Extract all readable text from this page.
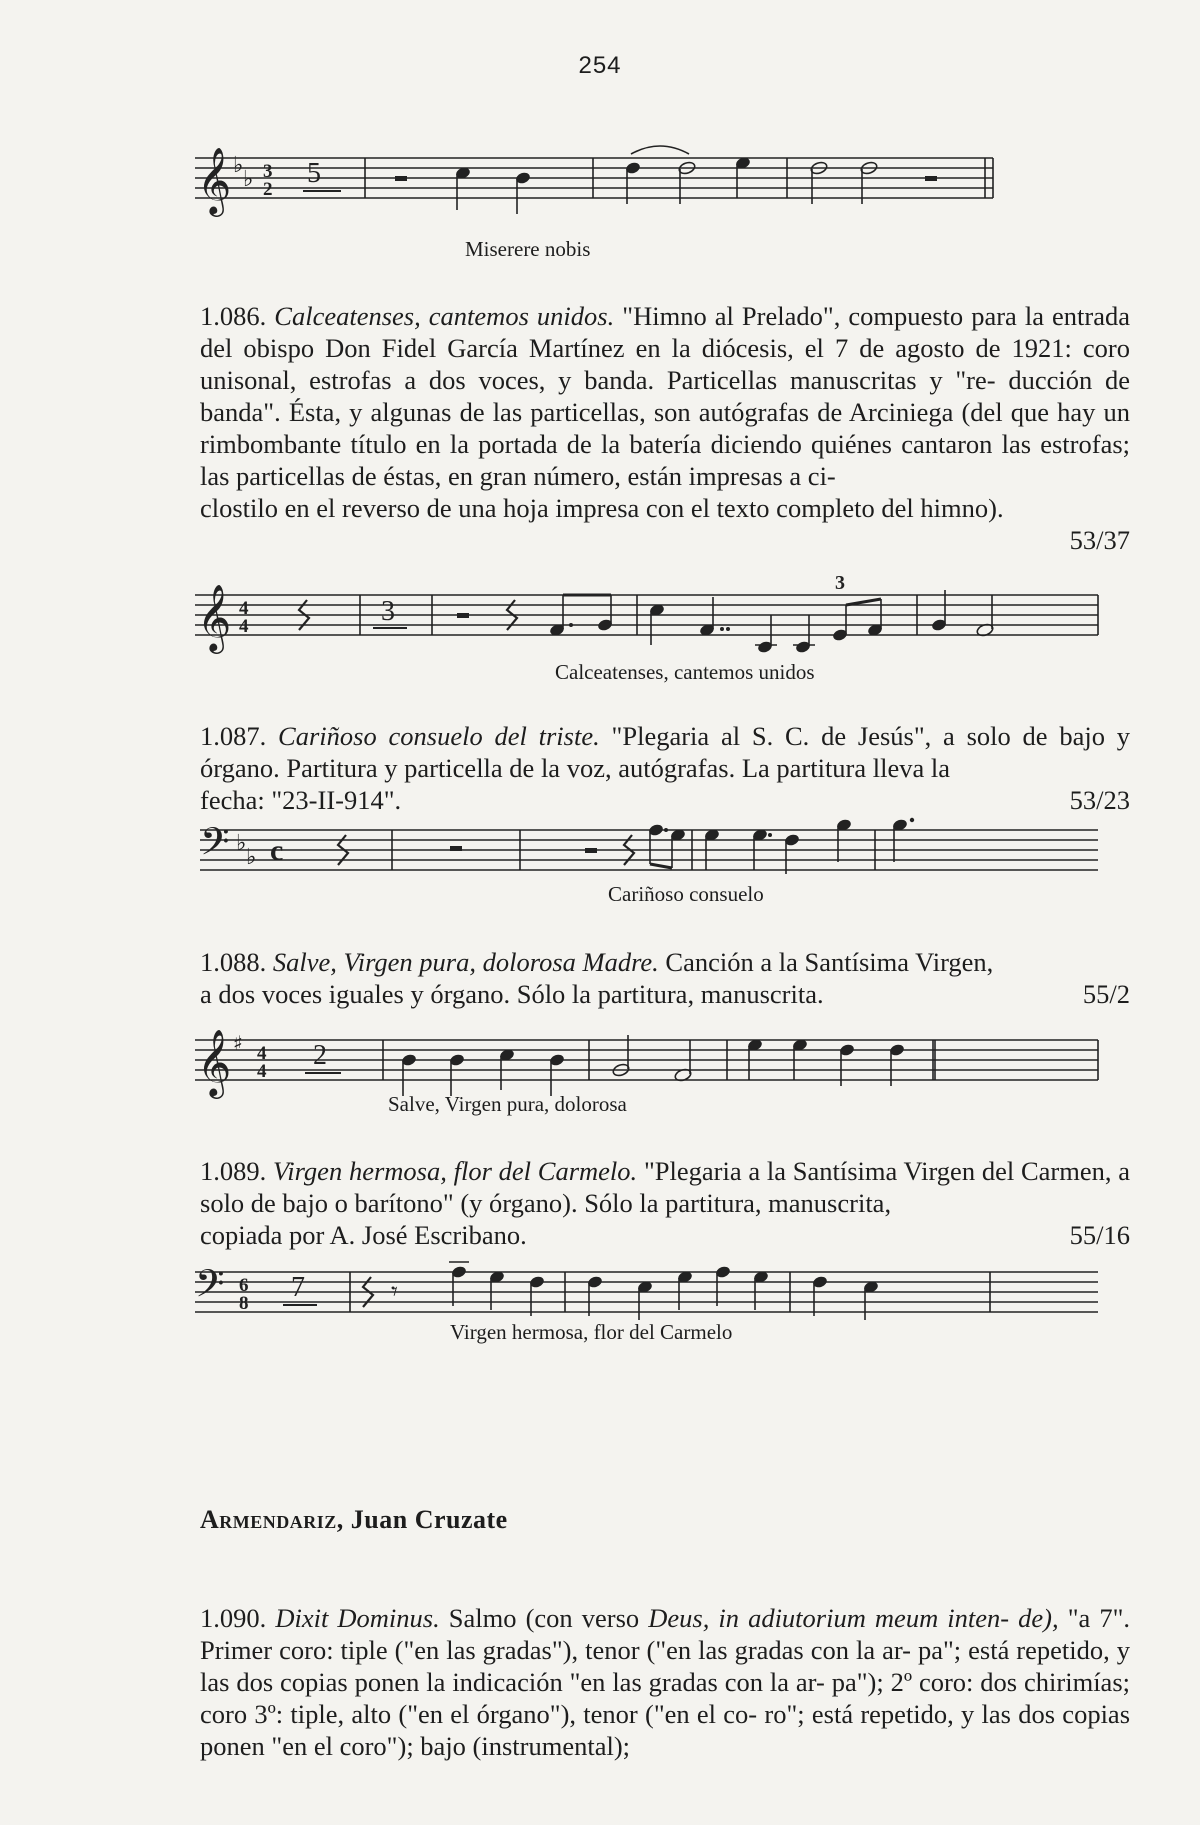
254
𝄞 ♭
♭ 3
2
5
Miserere nobis
1.086. Calceatenses, cantemos unidos. "Himno al Prelado", compuesto para la entrada del obispo Don Fidel García Martínez en la diócesis, el 7 de agosto de 1921: coro unisonal, estrofas a dos voces, y banda. Particellas manuscritas y "re- ducción de banda". Ésta, y algunas de las particellas, son autógrafas de Arciniega (del que hay un rimbombante título en la portada de la batería diciendo quiénes cantaron las estrofas; las particellas de éstas, en gran número, están impresas a ci-
clostilo en el reverso de una hoja impresa con el texto completo del himno).
53/37
𝄞 4
4	3
3
Calceatenses, cantemos unidos
1.087. Cariñoso consuelo del triste. "Plegaria al S. C. de Jesús", a solo de bajo y órgano. Partitura y particella de la voz, autógrafas. La partitura lleva la
fecha: "23-II-914".	53/23
𝄢 ♭
♭ c
Cariñoso consuelo
1.088. Salve, Virgen pura, dolorosa Madre. Canción a la Santísima Virgen,
a dos voces iguales y órgano. Sólo la partitura, manuscrita.	55/2
𝄞 ♯ 4
4
2
Salve, Virgen pura, dolorosa
1.089. Virgen hermosa, flor del Carmelo. "Plegaria a la Santísima Virgen del Carmen, a solo de bajo o barítono" (y órgano). Sólo la partitura, manuscrita,
copiada por A. José Escribano.	55/16
𝄢 6
8
7	𝄾
Virgen hermosa, flor del Carmelo
Armendariz, Juan Cruzate
1.090. Dixit Dominus. Salmo (con verso Deus, in adiutorium meum inten- de), "a 7". Primer coro: tiple ("en las gradas"), tenor ("en las gradas con la ar- pa"; está repetido, y las dos copias ponen la indicación "en las gradas con la ar- pa"); 2º coro: dos chirimías; coro 3º: tiple, alto ("en el órgano"), tenor ("en el co- ro"; está repetido, y las dos copias ponen "en el coro"); bajo (instrumental);
